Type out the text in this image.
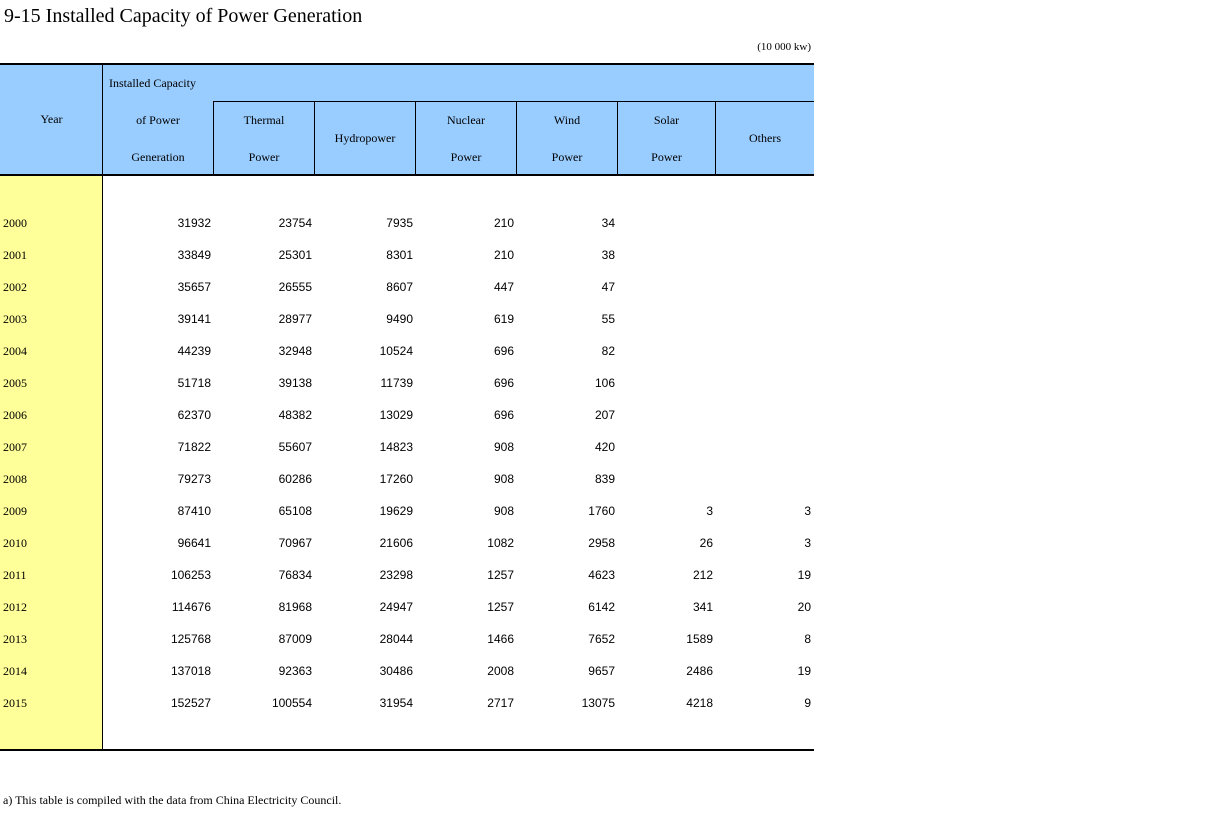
9-15 Installed Capacity of Power Generation
(10 000 kw)
Year
Installed Capacity
of Power
Generation
Thermal
Power
Hydropower
Nuclear
Power
Wind
Power
Solar
Power
Others
2000	31932	23754	7935	210	34
2001	33849	25301	8301	210	38
2002	35657	26555	8607	447	47
2003	39141	28977	9490	619	55
2004	44239	32948	10524	696	82
2005	51718	39138	11739	696	106
2006	62370	48382	13029	696	207
2007	71822	55607	14823	908	420
2008	79273	60286	17260	908	839
2009	87410	65108	19629	908	1760	3	3
2010	96641	70967	21606	1082	2958	26	3
2011	106253	76834	23298	1257	4623	212	19
2012	114676	81968	24947	1257	6142	341	20
2013	125768	87009	28044	1466	7652	1589	8
2014	137018	92363	30486	2008	9657	2486	19
2015	152527	100554	31954	2717	13075	4218	9
a) This table is compiled with the data from China Electricity Council.
